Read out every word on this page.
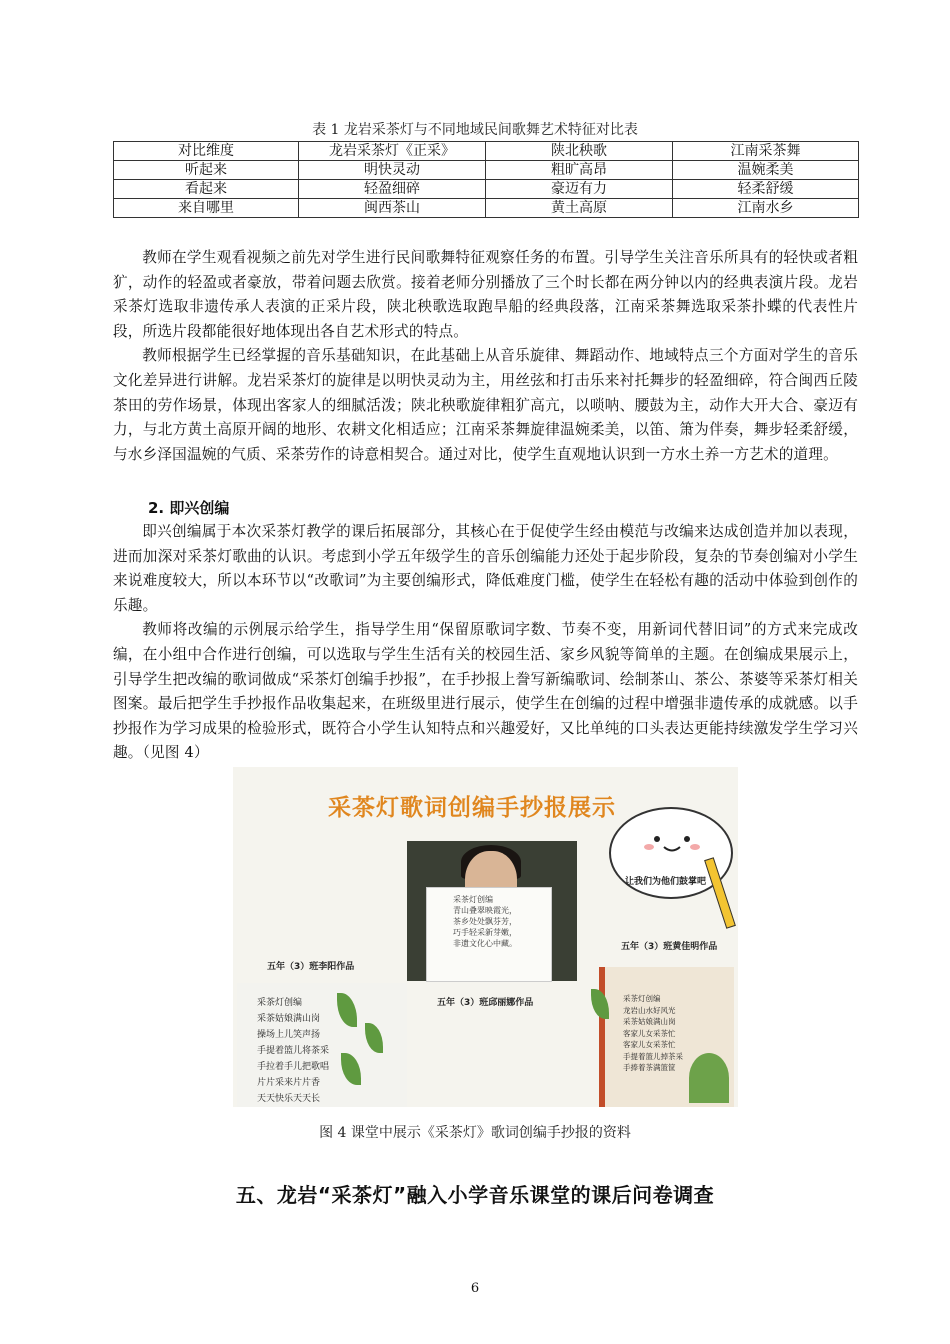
表 1 龙岩采茶灯与不同地域民间歌舞艺术特征对比表
对比维度	龙岩采茶灯《正采》	陕北秧歌	江南采茶舞
听起来	明快灵动	粗旷高昂	温婉柔美
看起来	轻盈细碎	豪迈有力	轻柔舒缓
来自哪里	闽西茶山	黄土高原	江南水乡

教师在学生观看视频之前先对学生进行民间歌舞特征观察任务的布置。引导学生关注音乐所具有的轻快或者粗犷，动作的轻盈或者豪放，带着问题去欣赏。接着老师分别播放了三个时长都在两分钟以内的经典表演片段。龙岩采茶灯选取非遗传承人表演的正采片段，陕北秧歌选取跑旱船的经典段落，江南采茶舞选取采茶扑蝶的代表性片段，所选片段都能很好地体现出各自艺术形式的特点。

教师根据学生已经掌握的音乐基础知识，在此基础上从音乐旋律、舞蹈动作、地域特点三个方面对学生的音乐文化差异进行讲解。龙岩采茶灯的旋律是以明快灵动为主，用丝弦和打击乐来衬托舞步的轻盈细碎，符合闽西丘陵茶田的劳作场景，体现出客家人的细腻活泼；陕北秧歌旋律粗犷高亢，以唢呐、腰鼓为主，动作大开大合、豪迈有力，与北方黄土高原开阔的地形、农耕文化相适应；江南采茶舞旋律温婉柔美，以笛、箫为伴奏，舞步轻柔舒缓，与水乡泽国温婉的气质、采茶劳作的诗意相契合。通过对比，使学生直观地认识到一方水土养一方艺术的道理。

2. 即兴创编

即兴创编属于本次采茶灯教学的课后拓展部分，其核心在于促使学生经由模范与改编来达成创造并加以表现，进而加深对采茶灯歌曲的认识。考虑到小学五年级学生的音乐创编能力还处于起步阶段，复杂的节奏创编对小学生来说难度较大，所以本环节以“改歌词”为主要创编形式，降低难度门槛，使学生在轻松有趣的活动中体验到创作的乐趣。

教师将改编的示例展示给学生，指导学生用“保留原歌词字数、节奏不变，用新词代替旧词”的方式来完成改编，在小组中合作进行创编，可以选取与学生生活有关的校园生活、家乡风貌等简单的主题。在创编成果展示上，引导学生把改编的歌词做成“采茶灯创编手抄报”，在手抄报上誊写新编歌词、绘制茶山、茶公、茶婆等采茶灯相关图案。最后把学生手抄报作品收集起来，在班级里进行展示，使学生在创编的过程中增强非遗传承的成就感。以手抄报作为学习成果的检验形式，既符合小学生认知特点和兴趣爱好，又比单纯的口头表达更能持续激发学生学习兴趣。（见图 4）

采茶灯歌词创编手抄报展示
采茶灯创编
青山叠翠映霞光，
茶乡处处飘芬芳，
巧手轻采新芽嫩，
非遗文化心中藏。
让我们为他们鼓掌吧
五年（3）班李阳作品
五年（3）班邱丽娜作品
五年（3）班黄佳明作品
采茶灯创编
采茶姑娘满山岗
操场上儿笑声扬
手提着篮儿将茶采
手拉着手儿把歌唱
片片采来片片香
天天快乐天天长
采茶灯创编
龙岩山水好风光
采茶姑娘满山岗
客家儿女采茶忙
客家儿女采茶忙
手提着篮儿掉茶采
手捧着茶满篮筐
图 4 课堂中展示《采茶灯》歌词创编手抄报的资料
五、龙岩“采茶灯”融入小学音乐课堂的课后问卷调查
6
